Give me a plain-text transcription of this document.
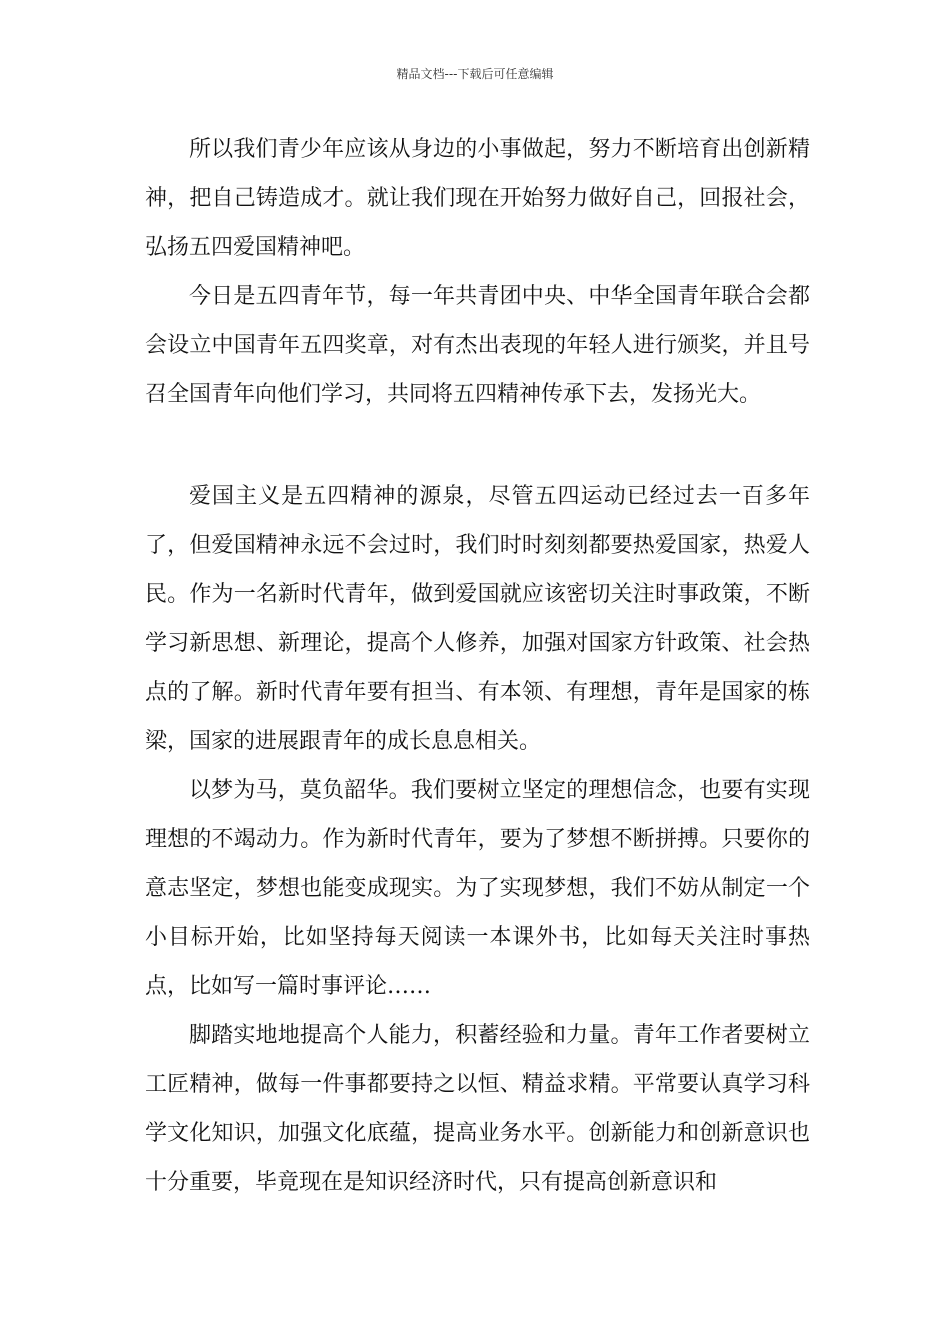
精品文档---下载后可任意编辑

所以我们青少年应该从身边的小事做起，努力不断培育出创新精神，把自己铸造成才。就让我们现在开始努力做好自己，回报社会，弘扬五四爱国精神吧。

今日是五四青年节，每一年共青团中央、中华全国青年联合会都会设立中国青年五四奖章，对有杰出表现的年轻人进行颁奖，并且号召全国青年向他们学习，共同将五四精神传承下去，发扬光大。

爱国主义是五四精神的源泉，尽管五四运动已经过去一百多年了，但爱国精神永远不会过时，我们时时刻刻都要热爱国家，热爱人民。作为一名新时代青年，做到爱国就应该密切关注时事政策，不断学习新思想、新理论，提高个人修养，加强对国家方针政策、社会热点的了解。新时代青年要有担当、有本领、有理想，青年是国家的栋梁，国家的进展跟青年的成长息息相关。

以梦为马，莫负韶华。我们要树立坚定的理想信念，也要有实现理想的不竭动力。作为新时代青年，要为了梦想不断拼搏。只要你的意志坚定，梦想也能变成现实。为了实现梦想，我们不妨从制定一个小目标开始，比如坚持每天阅读一本课外书，比如每天关注时事热点，比如写一篇时事评论……

脚踏实地地提高个人能力，积蓄经验和力量。青年工作者要树立工匠精神，做每一件事都要持之以恒、精益求精。平常要认真学习科学文化知识，加强文化底蕴，提高业务水平。创新能力和创新意识也十分重要，毕竟现在是知识经济时代，只有提高创新意识和
